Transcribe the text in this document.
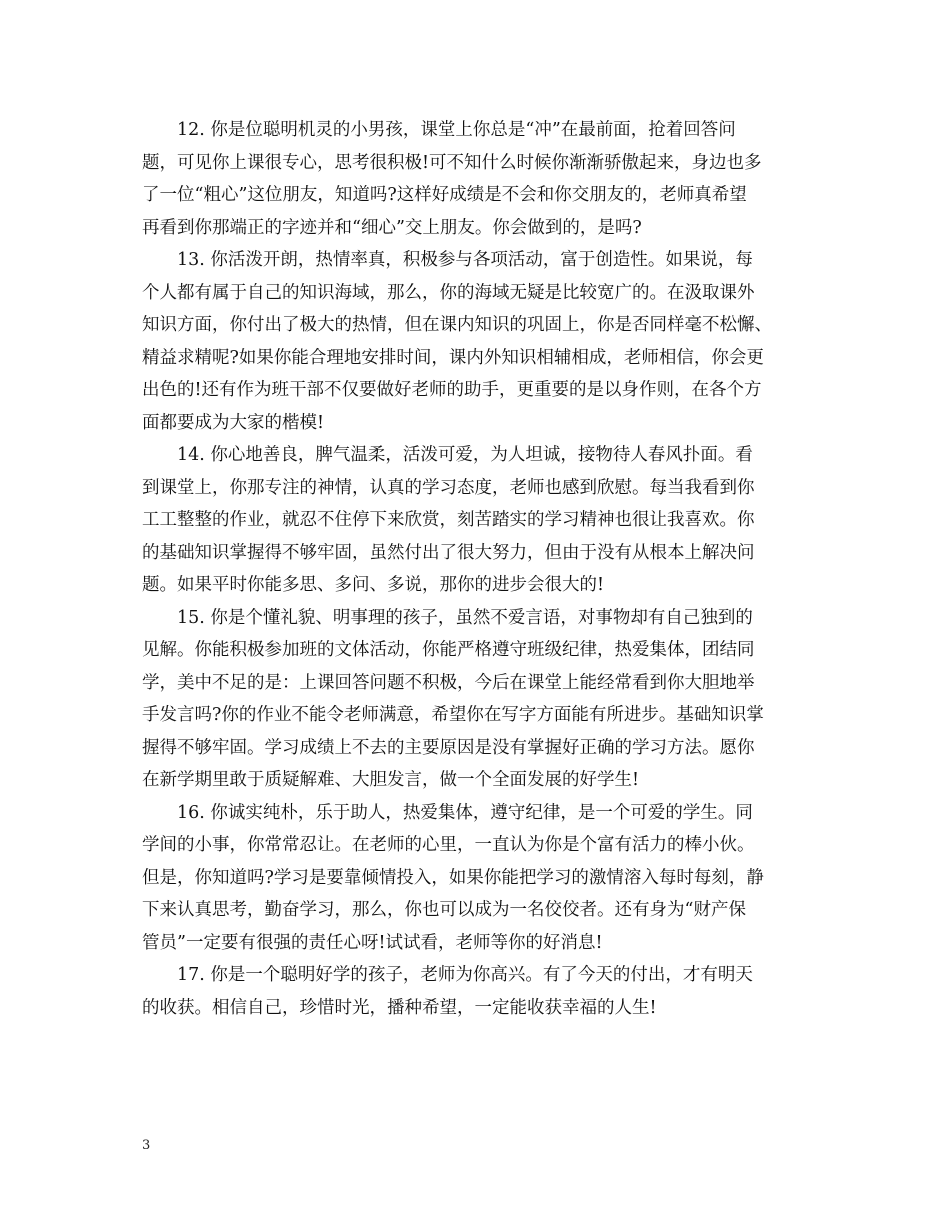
12. 你是位聪明机灵的小男孩，课堂上你总是“冲”在最前面，抢着回答问
题，可见你上课很专心，思考很积极!可不知什么时候你渐渐骄傲起来，身边也多
了一位“粗心”这位朋友，知道吗?这样好成绩是不会和你交朋友的，老师真希望
再看到你那端正的字迹并和“细心”交上朋友。你会做到的，是吗?
13. 你活泼开朗，热情率真，积极参与各项活动，富于创造性。如果说，每
个人都有属于自己的知识海域，那么，你的海域无疑是比较宽广的。在汲取课外
知识方面，你付出了极大的热情，但在课内知识的巩固上，你是否同样毫不松懈、
精益求精呢?如果你能合理地安排时间，课内外知识相辅相成，老师相信，你会更
出色的!还有作为班干部不仅要做好老师的助手，更重要的是以身作则，在各个方
面都要成为大家的楷模!
14. 你心地善良，脾气温柔，活泼可爱，为人坦诚，接物待人春风扑面。看
到课堂上，你那专注的神情，认真的学习态度，老师也感到欣慰。每当我看到你
工工整整的作业，就忍不住停下来欣赏，刻苦踏实的学习精神也很让我喜欢。你
的基础知识掌握得不够牢固，虽然付出了很大努力，但由于没有从根本上解决问
题。如果平时你能多思、多问、多说，那你的进步会很大的!
15. 你是个懂礼貌、明事理的孩子，虽然不爱言语，对事物却有自己独到的
见解。你能积极参加班的文体活动，你能严格遵守班级纪律，热爱集体，团结同
学，美中不足的是：上课回答问题不积极，今后在课堂上能经常看到你大胆地举
手发言吗?你的作业不能令老师满意，希望你在写字方面能有所进步。基础知识掌
握得不够牢固。学习成绩上不去的主要原因是没有掌握好正确的学习方法。愿你
在新学期里敢于质疑解难、大胆发言，做一个全面发展的好学生!
16. 你诚实纯朴，乐于助人，热爱集体，遵守纪律，是一个可爱的学生。同
学间的小事，你常常忍让。在老师的心里，一直认为你是个富有活力的棒小伙。
但是，你知道吗?学习是要靠倾情投入，如果你能把学习的激情溶入每时每刻，静
下来认真思考，勤奋学习，那么，你也可以成为一名佼佼者。还有身为“财产保
管员”一定要有很强的责任心呀!试试看，老师等你的好消息!
17. 你是一个聪明好学的孩子，老师为你高兴。有了今天的付出，才有明天
的收获。相信自己，珍惜时光，播种希望，一定能收获幸福的人生!
3
